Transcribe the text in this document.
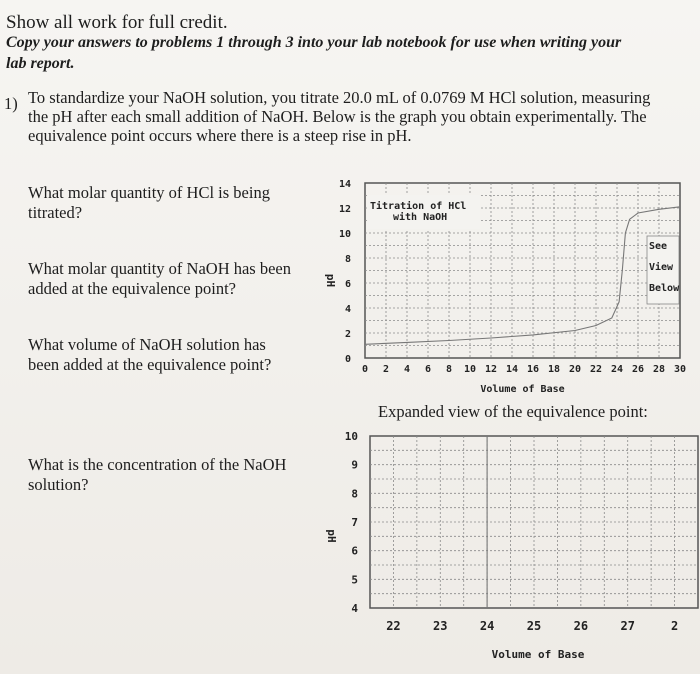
Show all work for full credit.
Copy your answers to problems 1 through 3 into your lab notebook for use when writing your
lab report.
1) To standardize your NaOH solution, you titrate 20.0 mL of 0.0769 M HCl solution, measuring
the pH after each small addition of NaOH. Below is the graph you obtain experimentally. The
equivalence point occurs where there is a steep rise in pH.
What molar quantity of HCl is being
titrated?
What molar quantity of NaOH has been
added at the equivalence point?
What volume of NaOH solution has
been added at the equivalence point?
What is the concentration of the NaOH
solution?
0 2 4 6 8 10 12 14 16 18 20 22 24 26 28 30
0
2
4
6
8
10
12
14
Titration of HCl
with NaOH
See
View
Below
Volume of Base
pH
Expanded view of the equivalence point:
22	23	24	25	26	27	2
10
9
8
7
6
5
4
Volume of Base
pH
